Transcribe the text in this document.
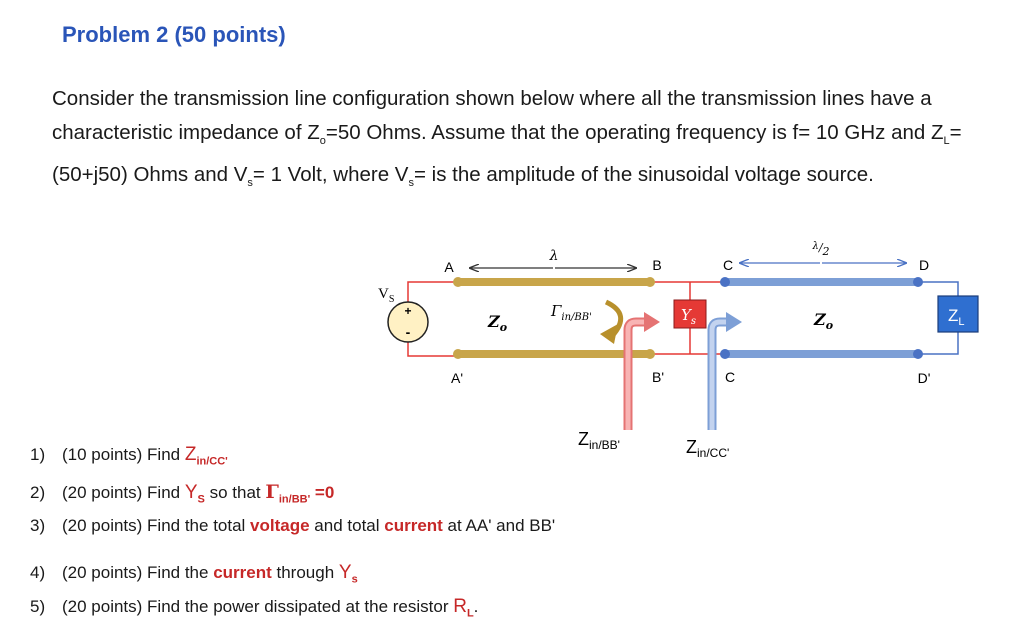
Problem 2 (50 points)
Consider the transmission line configuration shown below where all the transmission lines have a characteristic impedance of $Z_o=50$ Ohms. Assume that the operating frequency is f= 10 GHz and $Z_L=(50+j50)$ Ohms and $V_s= 1$ Volt, where $V_s=$ is the amplitude of the sinusoidal voltage source.
+
-
$V_S$
λ
$\lambda/_2$
A
A'
B
B'
C
C
D
D'
$Z_o$	$Z_o$
$\Gamma_{in/BB'}$	$Y_s$	$Z_L$
$Z_{in/BB'}$	$Z_{in/CC'}$
1) (10 points) Find $Z_{in/CC'}$
2) (20 points) Find $Y_S$ so that $\Gamma_{in/BB'} =0$
3) (20 points) Find the total voltage and total current at AA' and BB'
4) (20 points) Find the current through $Y_s$
5) (20 points) Find the power dissipated at the resistor $R_L$.
